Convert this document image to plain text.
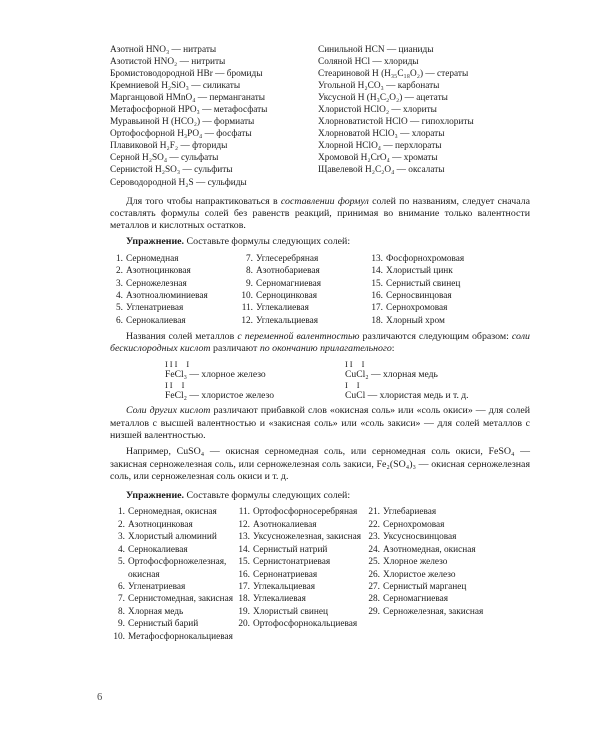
Азотной HNO₃ — нитраты
Азотистой HNO₂ — нитриты
Бромистоводородной HBr — бромиды
Кремниевой H₂SiO₃ — силикаты
Марганцовой HMnO₄ — перманганаты
Метафосфорной HPO₃ — метафосфаты
Муравьиной H (HCO₂) — формиаты
Ортофосфорной H₃PO₄ — фосфаты
Плавиковой H₂F₂ — фториды
Серной H₂SO₄ — сульфаты
Сернистой H₂SO₃ — сульфиты
Сероводородной H₂S — сульфиды
Синильной HCN — цианиды
Соляной HCl — хлориды
Стеариновой H (H₃₅C₁₈O₂) — стераты
Угольной H₂CO₃ — карбонаты
Уксусной H (H₃C₂O₂) — ацетаты
Хлористой HClO₂ — хлориты
Хлорноватистой HClO — гипохлориты
Хлорноватой HClO₃ — хлораты
Хлорной HClO₄ — перхлораты
Хромовой H₂CrO₄ — хроматы
Щавелевой H₂C₂O₄ — оксалаты

Для того чтобы напрактиковаться в составлении формул солей по названиям, следует сначала составлять формулы солей без равенств реакций, принимая во внимание только валентности металлов и кислотных остатков.

Упражнение. Составьте формулы следующих солей:

1. Серномедная
2. Азотноцинковая
3. Серножелезная
4. Азотноалюминиевая
5. Угленатриевая
6. Сернокалиевая
7. Углесеребряная
8. Азотнобариевая
9. Серномагниевая
10. Серноцинковая
11. Углекалиевая
12. Углекальциевая
13. Фосфорнохромовая
14. Хлористый цинк
15. Сернистый свинец
16. Серносвинцовая
17. Сернохромовая
18. Хлорный хром

Названия солей металлов с переменной валентностью различаются следующим образом: соли бескислородных кислот различают по окончанию прилагательного:

III I	II I
FeCl₃ — хлорное железо	CuCl₂ — хлорная медь
II I	I I
FeCl₂ — хлористое железо	CuCl — хлористая медь и т. д.

Соли других кислот различают прибавкой слов «окисная соль» или «соль окиси» — для солей металлов с высшей валентностью и «закисная соль» или «соль закиси» — для солей металлов с низшей валентностью.

Например, CuSO₄ — окисная серномедная соль, или серномедная соль окиси, FeSO₄ — закисная серножелезная соль, или серножелезная соль закиси, Fe₂(SO₄)₃ — окисная серножелезная соль, или серножелезная соль окиси и т. д.

Упражнение. Составьте формулы следующих солей:

1. Серномедная, окисная
2. Азотноцинковая
3. Хлористый алюминий
4. Сернокалиевая
5. Ортофосфорножелезная, окисная
6. Угленатриевая
7. Сернистомедная, закисная
8. Хлорная медь
9. Сернистый барий
10. Метафосфорнокальциевая
11. Ортофосфорносеребряная
12. Азотнокалиевая
13. Уксусножелезная, закисная
14. Сернистый натрий
15. Сернистонатриевая
16. Сернонатриевая
17. Углекальциевая
18. Углекалиевая
19. Хлористый свинец
20. Ортофосфорнокальциевая
21. Углебариевая
22. Сернохромовая
23. Уксусносвинцовая
24. Азотномедная, окисная
25. Хлорное железо
26. Хлористое железо
27. Сернистый марганец
28. Серномагниевая
29. Серножелезная, закисная
6
